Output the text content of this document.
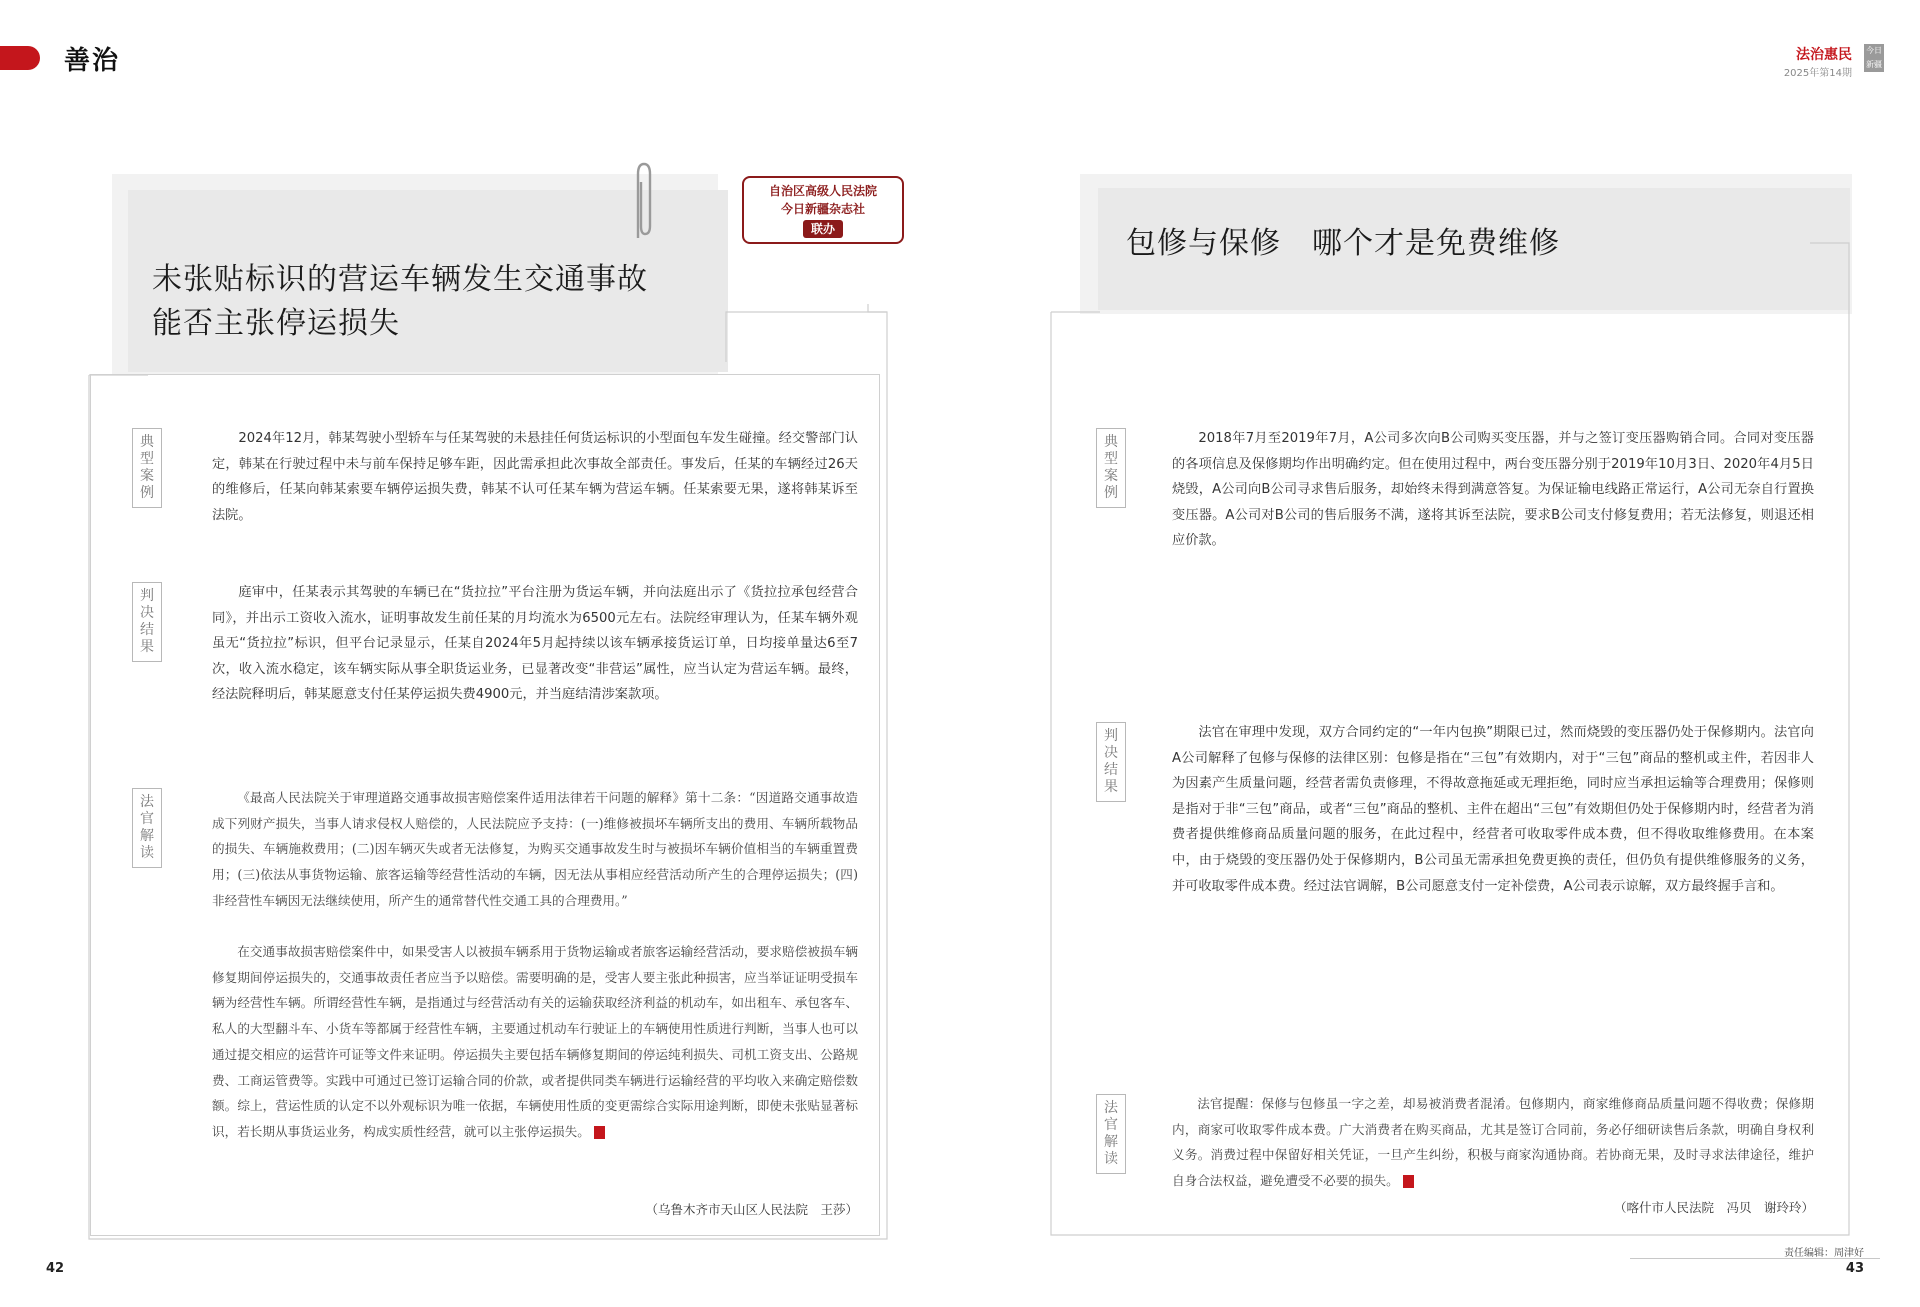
善治	法治惠民
2025年第14期
今日新疆
未张贴标识的营运车辆发生交通事故
能否主张停运损失
自治区高级人民法院
今日新疆杂志社
联办
典
型
案
例
判
决
结
果
法
官
解
读
2024年12月，韩某驾驶小型轿车与任某驾驶的未悬挂任何货运标识的小型面包车发生碰撞。经交警部门认定，韩某在行驶过程中未与前车保持足够车距，因此需承担此次事故全部责任。事发后，任某的车辆经过26天的维修后，任某向韩某索要车辆停运损失费，韩某不认可任某车辆为营运车辆。任某索要无果，遂将韩某诉至法院。
庭审中，任某表示其驾驶的车辆已在“货拉拉”平台注册为货运车辆，并向法庭出示了《货拉拉承包经营合同》，并出示工资收入流水，证明事故发生前任某的月均流水为6500元左右。法院经审理认为，任某车辆外观虽无“货拉拉”标识，但平台记录显示，任某自2024年5月起持续以该车辆承接货运订单，日均接单量达6至7次，收入流水稳定，该车辆实际从事全职货运业务，已显著改变“非营运”属性，应当认定为营运车辆。最终，经法院释明后，韩某愿意支付任某停运损失费4900元，并当庭结清涉案款项。
《最高人民法院关于审理道路交通事故损害赔偿案件适用法律若干问题的解释》第十二条：“因道路交通事故造成下列财产损失，当事人请求侵权人赔偿的，人民法院应予支持：(一)维修被损坏车辆所支出的费用、车辆所载物品的损失、车辆施救费用；(二)因车辆灭失或者无法修复，为购买交通事故发生时与被损坏车辆价值相当的车辆重置费用；(三)依法从事货物运输、旅客运输等经营性活动的车辆，因无法从事相应经营活动所产生的合理停运损失；(四)非经营性车辆因无法继续使用，所产生的通常替代性交通工具的合理费用。”
在交通事故损害赔偿案件中，如果受害人以被损车辆系用于货物运输或者旅客运输经营活动，要求赔偿被损车辆修复期间停运损失的，交通事故责任者应当予以赔偿。需要明确的是，受害人要主张此种损害，应当举证证明受损车辆为经营性车辆。所谓经营性车辆，是指通过与经营活动有关的运输获取经济利益的机动车，如出租车、承包客车、私人的大型翻斗车、小货车等都属于经营性车辆，主要通过机动车行驶证上的车辆使用性质进行判断，当事人也可以通过提交相应的运营许可证等文件来证明。停运损失主要包括车辆修复期间的停运纯利损失、司机工资支出、公路规费、工商运管费等。实践中可通过已签订运输合同的价款，或者提供同类车辆进行运输经营的平均收入来确定赔偿数额。综上，营运性质的认定不以外观标识为唯一依据，车辆使用性质的变更需综合实际用途判断，即使未张贴显著标识，若长期从事货运业务，构成实质性经营，就可以主张停运损失。
（乌鲁木齐市天山区人民法院　王莎）
42
包修与保修　哪个才是免费维修
典
型
案
例
判
决
结
果
法
官
解
读
2018年7月至2019年7月，A公司多次向B公司购买变压器，并与之签订变压器购销合同。合同对变压器的各项信息及保修期均作出明确约定。但在使用过程中，两台变压器分别于2019年10月3日、2020年4月5日烧毁，A公司向B公司寻求售后服务，却始终未得到满意答复。为保证输电线路正常运行，A公司无奈自行置换变压器。A公司对B公司的售后服务不满，遂将其诉至法院，要求B公司支付修复费用；若无法修复，则退还相应价款。
法官在审理中发现，双方合同约定的“一年内包换”期限已过，然而烧毁的变压器仍处于保修期内。法官向A公司解释了包修与保修的法律区别：包修是指在“三包”有效期内，对于“三包”商品的整机或主件，若因非人为因素产生质量问题，经营者需负责修理，不得故意拖延或无理拒绝，同时应当承担运输等合理费用；保修则是指对于非“三包”商品，或者“三包”商品的整机、主件在超出“三包”有效期但仍处于保修期内时，经营者为消费者提供维修商品质量问题的服务，在此过程中，经营者可收取零件成本费，但不得收取维修费用。在本案中，由于烧毁的变压器仍处于保修期内，B公司虽无需承担免费更换的责任，但仍负有提供维修服务的义务，并可收取零件成本费。经过法官调解，B公司愿意支付一定补偿费，A公司表示谅解，双方最终握手言和。
法官提醒：保修与包修虽一字之差，却易被消费者混淆。包修期内，商家维修商品质量问题不得收费；保修期内，商家可收取零件成本费。广大消费者在购买商品，尤其是签订合同前，务必仔细研读售后条款，明确自身权利义务。消费过程中保留好相关凭证，一旦产生纠纷，积极与商家沟通协商。若协商无果，及时寻求法律途径，维护自身合法权益，避免遭受不必要的损失。
（喀什市人民法院　冯贝　谢玲玲）
责任编辑：周津好
43
